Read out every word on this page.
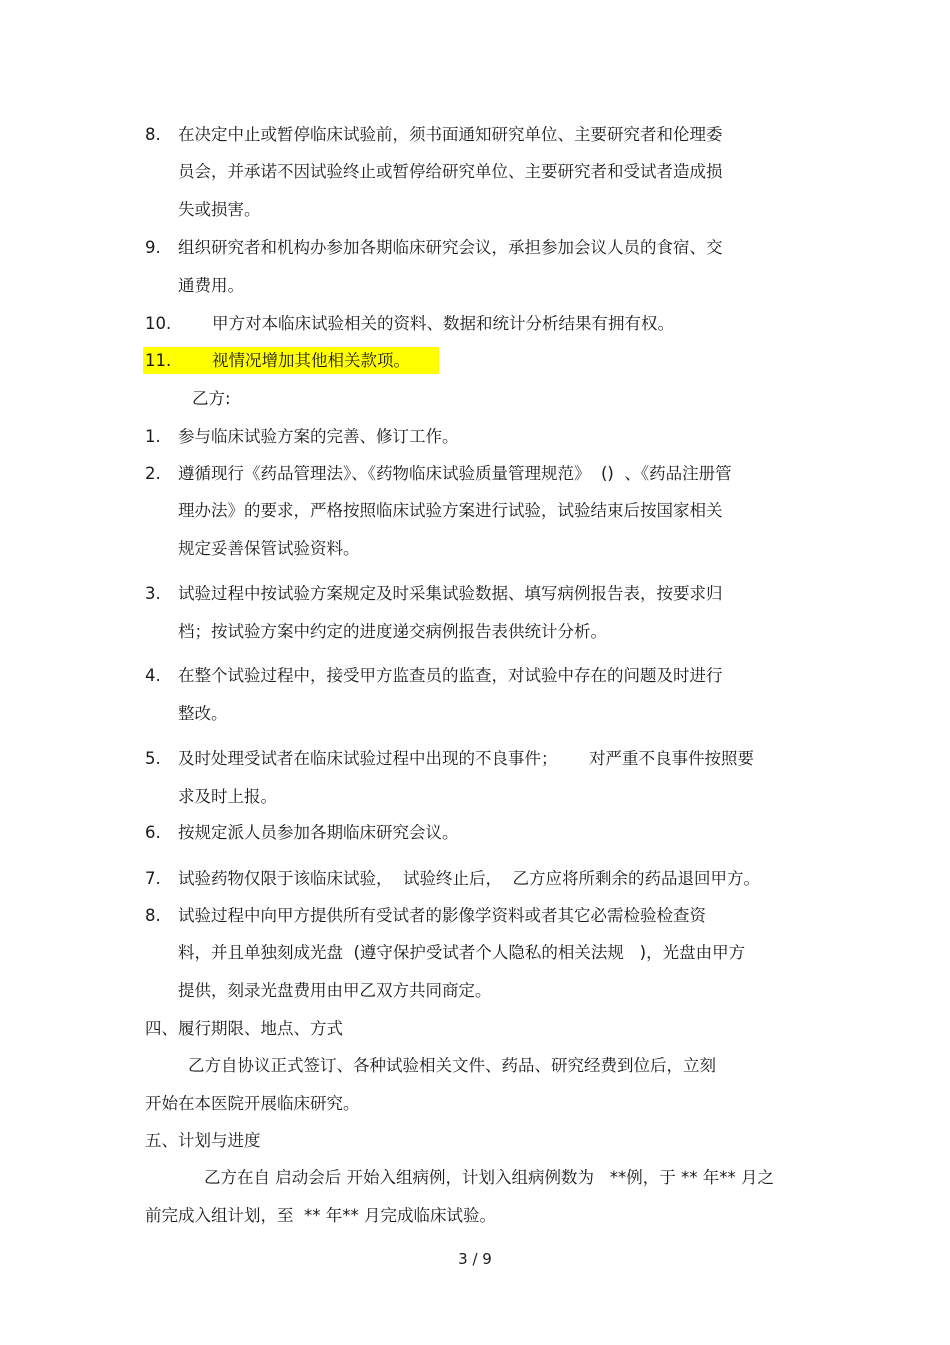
8. 在决定中止或暂停临床试验前，须书面通知研究单位、主要研究者和伦理委
员会，并承诺不因试验终止或暂停给研究单位、主要研究者和受试者造成损
失或损害。
9. 组织研究者和机构办参加各期临床研究会议，承担参加会议人员的食宿、交
通费用。
10. 甲方对本临床试验相关的资料、数据和统计分析结果有拥有权。
11. 视情况增加其他相关款项。
乙方:
1. 参与临床试验方案的完善、修订工作。
2. 遵循现行《药品管理法》、《药物临床试验质量管理规范》  ()  、《药品注册管
理办法》的要求，严格按照临床试验方案进行试验，试验结束后按国家相关
规定妥善保管试验资料。
3. 试验过程中按试验方案规定及时采集试验数据、填写病例报告表，按要求归
档；按试验方案中约定的进度递交病例报告表供统计分析。
4. 在整个试验过程中，接受甲方监查员的监查，对试验中存在的问题及时进行
整改。
5. 及时处理受试者在临床试验过程中出现的不良事件；      对严重不良事件按照要
求及时上报。
6. 按规定派人员参加各期临床研究会议。
7. 试验药物仅限于该临床试验，  试验终止后，  乙方应将所剩余的药品退回甲方。
8. 试验过程中向甲方提供所有受试者的影像学资料或者其它必需检验检查资
料，并且单独刻成光盘  (遵守保护受试者个人隐私的相关法规   )，光盘由甲方
提供，刻录光盘费用由甲乙双方共同商定。
四、履行期限、地点、方式
乙方自协议正式签订、各种试验相关文件、药品、研究经费到位后，立刻
开始在本医院开展临床研究。
五、计划与进度
乙方在自 启动会后 开始入组病例，计划入组病例数为   **例，于 ** 年** 月之
前完成入组计划，至  ** 年** 月完成临床试验。
3 / 9
